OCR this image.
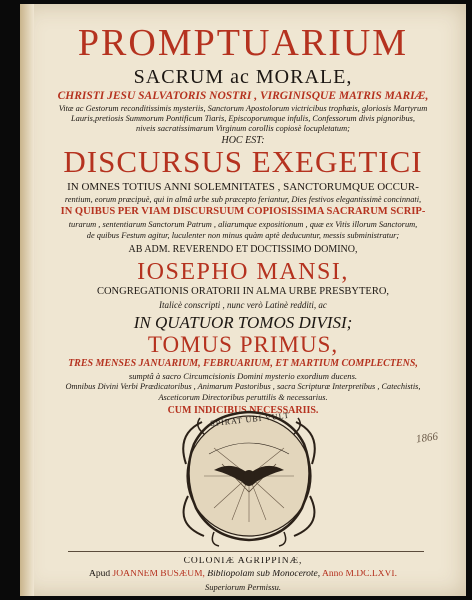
PROMPTUARIUM
SACRUM ac MORALE,
CHRISTI JESU SALVATORIS NOSTRI , VIRGINISQUE MATRIS MARIÆ,
Vitæ ac Gestorum reconditissimis mysteriis, Sanctorum Apostolorum victricibus trophæis, gloriosis Martyrum
Lauris,pretiosis Summorum Pontificum Tiaris, Episcoporumque infulis, Confessorum divis pignoribus,
niveis sacratissimarum Virginum corollis copiosè locupletatum;
HOC EST:
DISCURSUS EXEGETICI
IN OMNES TOTIUS ANNI SOLEMNITATES , SANCTORUMQUE OCCUR-
rentium, eorum præcipuè, qui in almâ urbe sub præcepto feriantur, Dies festivos elegantissimè concinnati,
IN QUIBUS PER VIAM DISCURSUUM COPIOSISSIMA SACRARUM SCRIP-
turarum , sententiarum Sanctorum Patrum , aliarumque expositionum , quæ ex Vitis illorum Sanctorum,
de quibus Festum agitur, luculenter non minus quàm aptè deducuntur, messis subministratur;
AB ADM. REVERENDO ET DOCTISSIMO DOMINO,
IOSEPHO MANSI,
CONGREGATIONIS ORATORII IN ALMA URBE PRESBYTERO,
Italicè conscripti , nunc verò Latinè redditi, ac
IN QUATUOR TOMOS DIVISI;
TOMUS PRIMUS,
TRES MENSES JANUARIUM, FEBRUARIUM, ET MARTIUM COMPLECTENS,
sumptâ à sacro Circumcisionis Domini mysterio exordium ducens.
Omnibus Divini Verbi Prædicatoribus , Animarum Pastoribus , sacra Scripturæ Interpretibus , Catechistis,
Asceticorum Directoribus peruttilis & necessarius.
CUM INDICIBUS NECESSARIIS.
SPIRAT UBI VULT
1866
COLONIÆ AGRIPPINÆ,
Apud JOANNEM BUSÆUM, Bibliopolam sub Monocerote, Anno M.DC.LXVI.
Superiorum Permissu.
